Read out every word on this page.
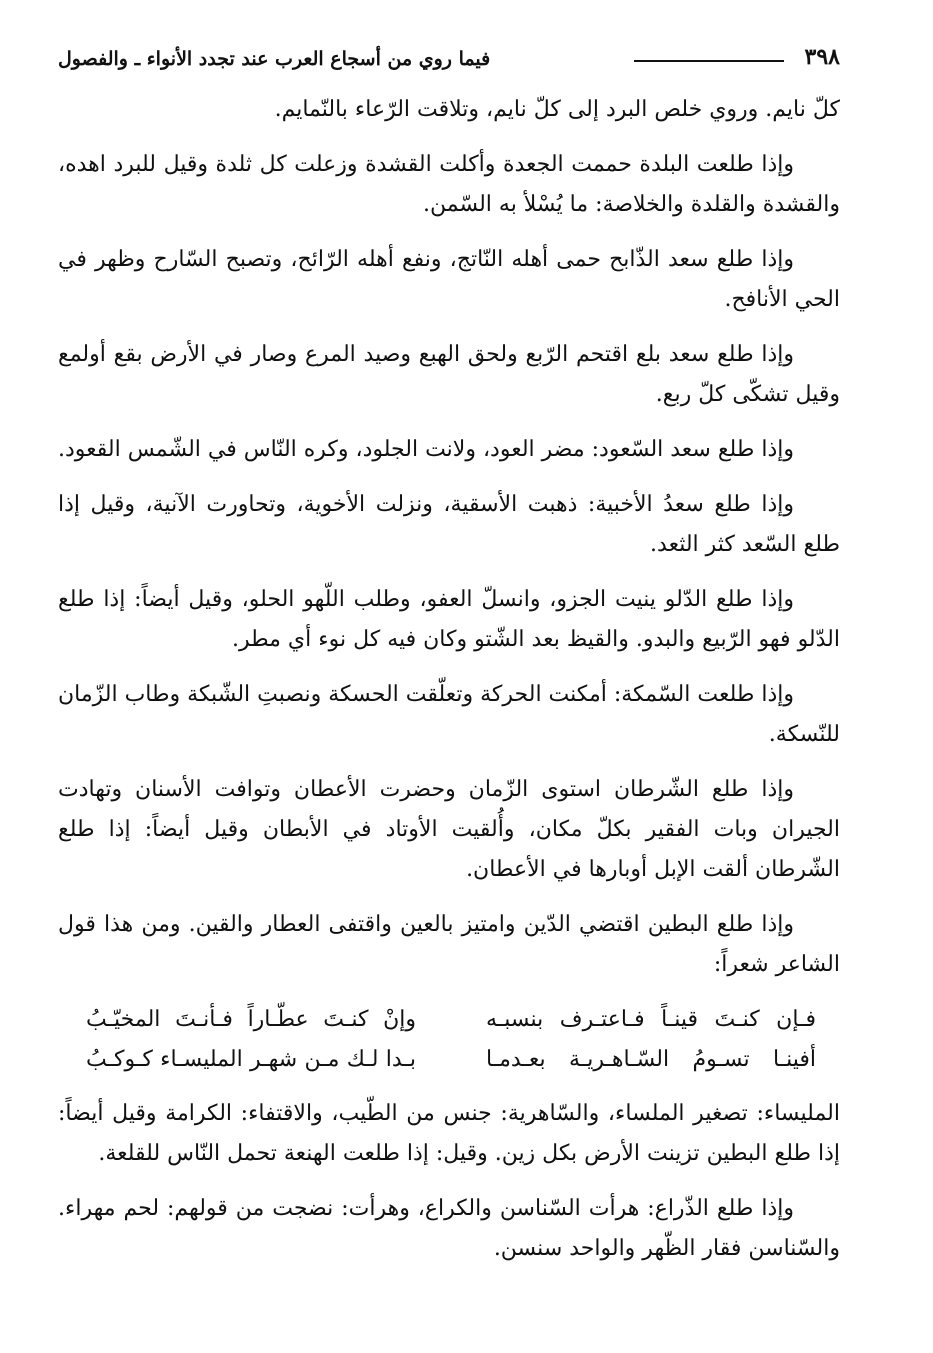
٣٩٨
فيما روي من أسجاع العرب عند تجدد الأنواء ـ والفصول

كلّ نايم. وروي خلص البرد إلى كلّ نايم، وتلاقت الرّعاء بالنّمايم.

وإذا طلعت البلدة حممت الجعدة وأكلت القشدة وزعلت كل ثلدة وقيل للبرد اهده، والقشدة والقلدة والخلاصة: ما يُسْلأ به السّمن.

وإذا طلع سعد الذّابح حمى أهله النّاتج، ونفع أهله الرّائح، وتصبح السّارح وظهر في الحي الأنافح.

وإذا طلع سعد بلع اقتحم الرّبع ولحق الهبع وصيد المرع وصار في الأرض بقع أولمع وقيل تشكّى كلّ ربع.

وإذا طلع سعد السّعود: مضر العود، ولانت الجلود، وكره النّاس في الشّمس القعود.

وإذا طلع سعدُ الأخبية: ذهبت الأسقية، ونزلت الأخوية، وتحاورت الآنية، وقيل إذا طلع السّعد كثر الثعد.

وإذا طلع الدّلو ينيت الجزو، وانسلّ العفو، وطلب اللّهو الحلو، وقيل أيضاً: إذا طلع الدّلو فهو الرّبيع والبدو. والقيظ بعد الشّتو وكان فيه كل نوء أي مطر.

وإذا طلعت السّمكة: أمكنت الحركة وتعلّقت الحسكة ونصبتِ الشّبكة وطاب الزّمان للنّسكة.

وإذا طلع الشّرطان استوى الزّمان وحضرت الأعطان وتوافت الأسنان وتهادت الجيران وبات الفقير بكلّ مكان، وأُلقيت الأوتاد في الأبطان وقيل أيضاً: إذا طلع الشّرطان ألقت الإبل أوبارها في الأعطان.

وإذا طلع البطين اقتضي الدّين وامتيز بالعين واقتفى العطار والقين. ومن هذا قول الشاعر شعراً:

فـإن كنـتَ قينـاً فـاعتـرف بنسبـه
وإنْ كنـتَ عطّـاراً فـأنـتَ المخيّـبُ
أفينـا تسـومُ السّـاهـريـة بعـدمـا
بـدا لـك مـن شهـر المليسـاء كـوكـبُ

المليساء: تصغير الملساء، والسّاهرية: جنس من الطّيب، والاقتفاء: الكرامة وقيل أيضاً: إذا طلع البطين تزينت الأرض بكل زين. وقيل: إذا طلعت الهنعة تحمل النّاس للقلعة.

وإذا طلع الذّراع: هرأت السّناسن والكراع، وهرأت: نضجت من قولهم: لحم مهراء. والسّناسن فقار الظّهر والواحد سنسن.
